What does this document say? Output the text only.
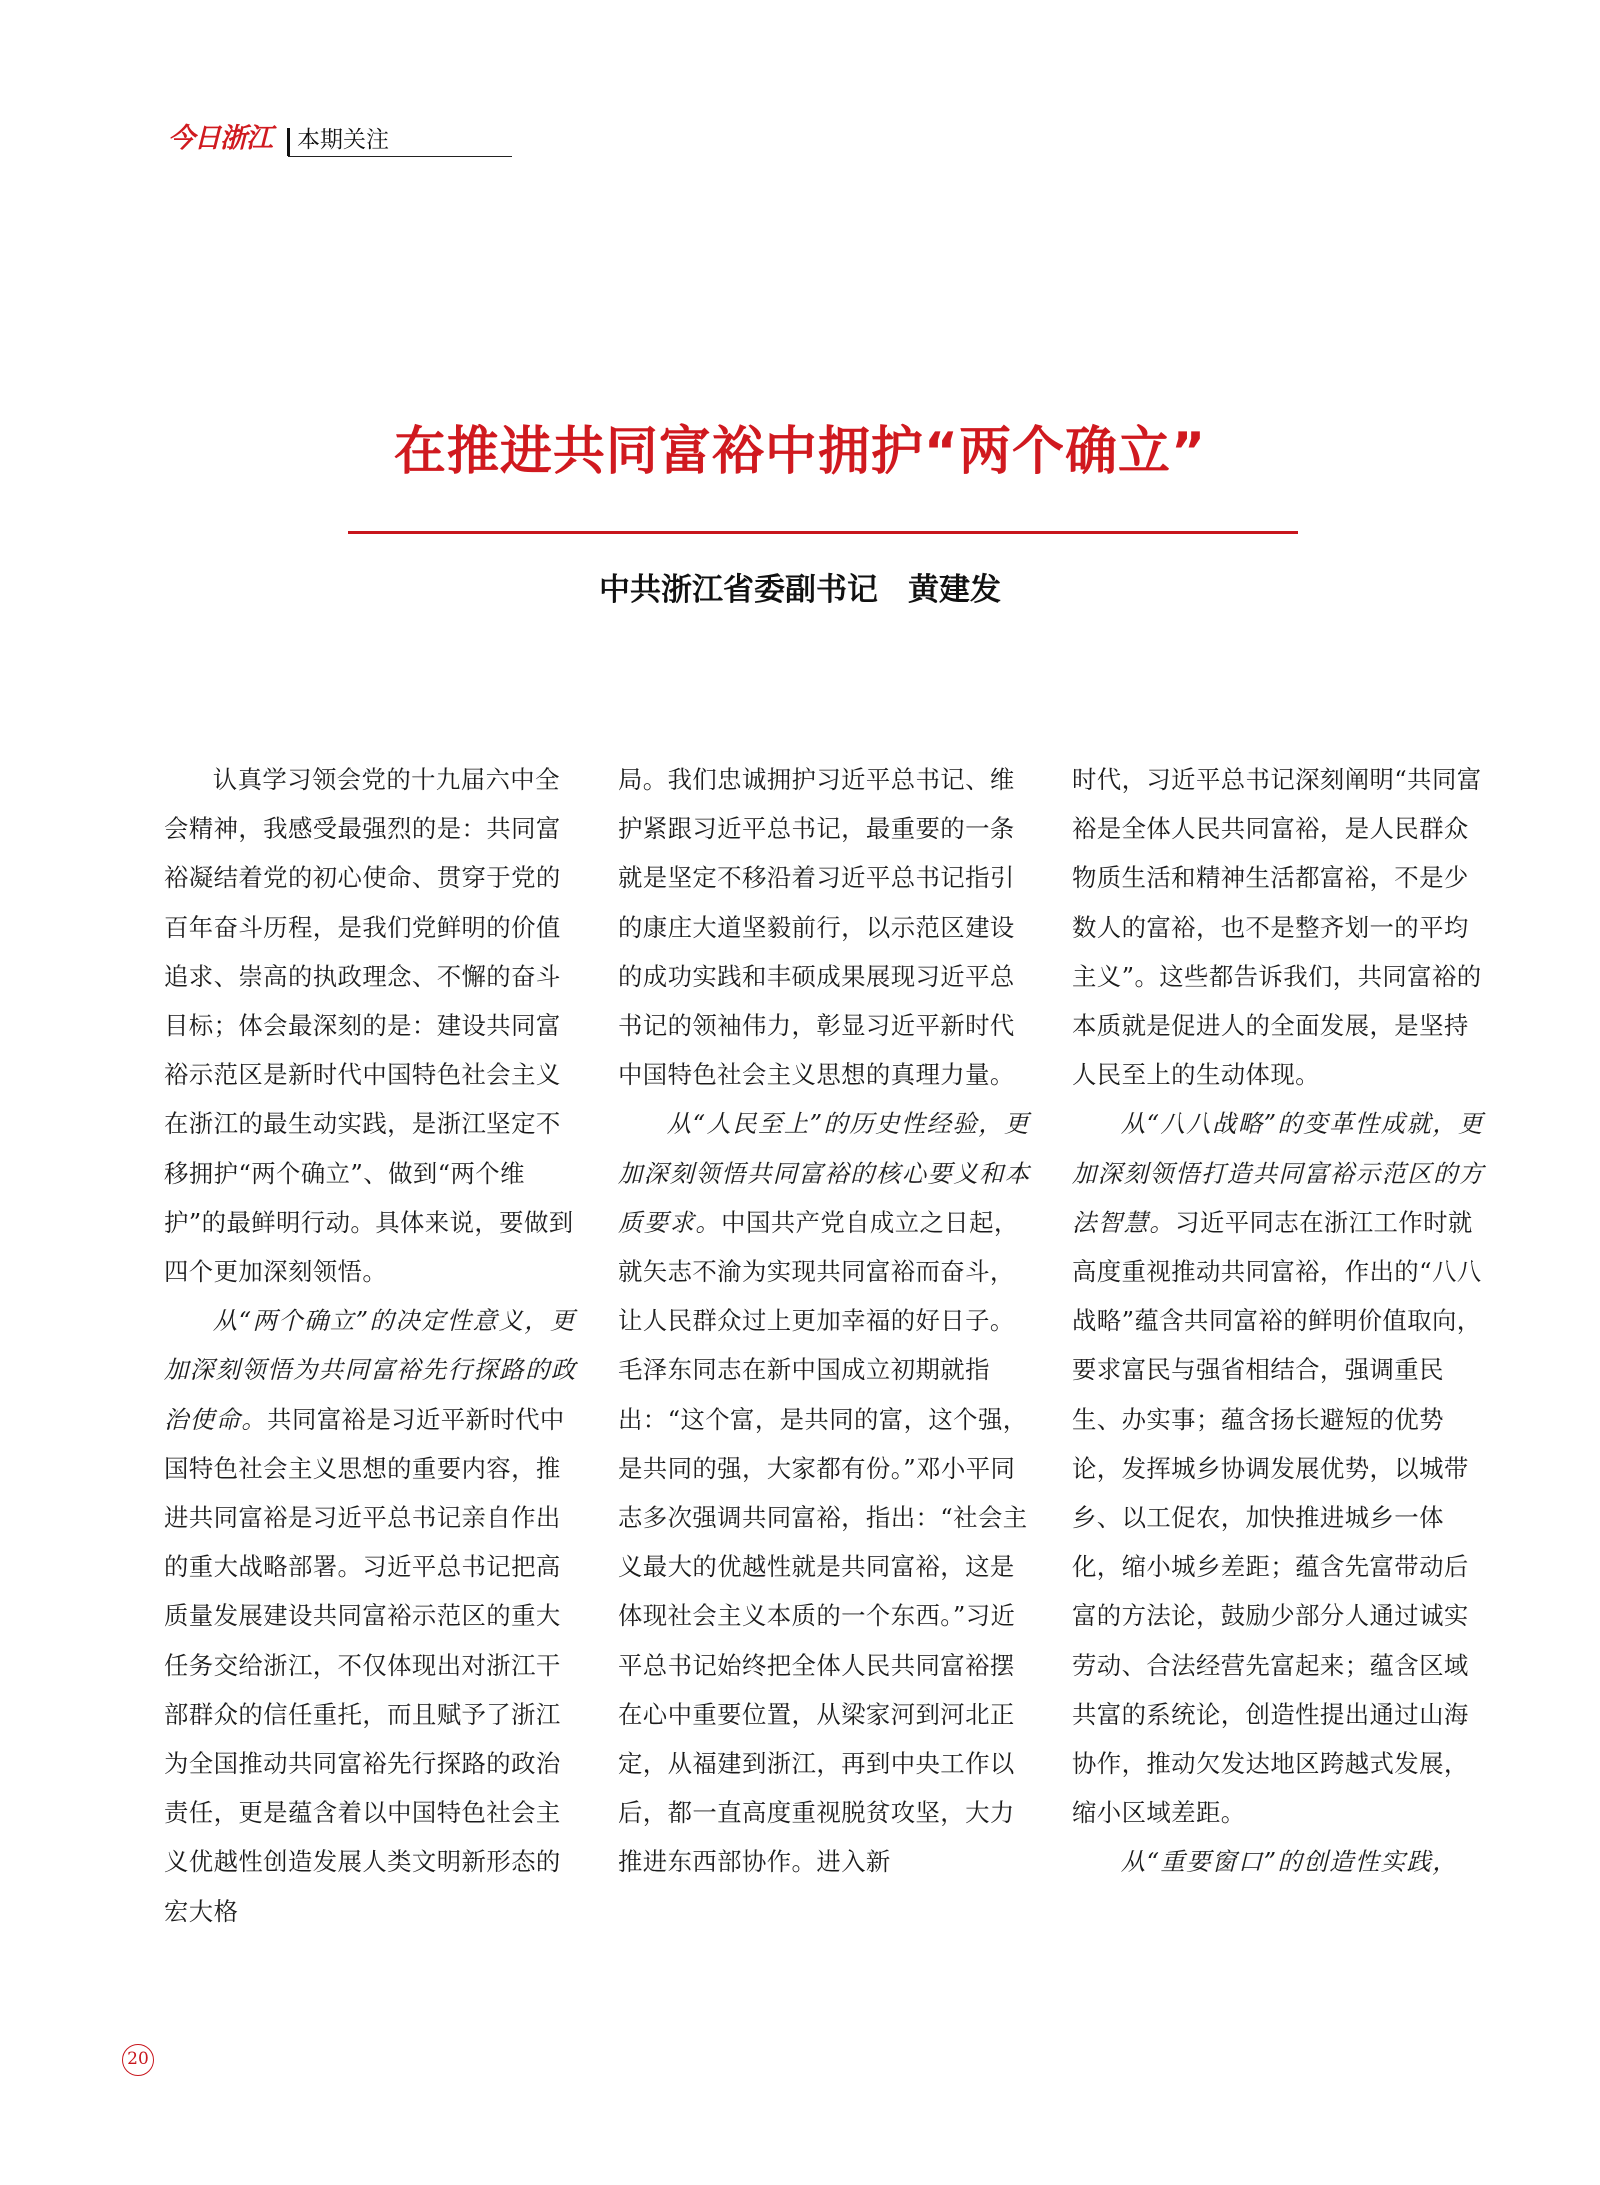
今日浙江 本期关注
在推进共同富裕中拥护“两个确立”
中共浙江省委副书记 黄建发

认真学习领会党的十九届六中全会精神，我感受最强烈的是：共同富裕凝结着党的初心使命、贯穿于党的百年奋斗历程，是我们党鲜明的价值追求、崇高的执政理念、不懈的奋斗目标；体会最深刻的是：建设共同富裕示范区是新时代中国特色社会主义在浙江的最生动实践，是浙江坚定不移拥护“两个确立”、做到“两个维护”的最鲜明行动。具体来说，要做到四个更加深刻领悟。

从“两个确立”的决定性意义，更加深刻领悟为共同富裕先行探路的政治使命。共同富裕是习近平新时代中国特色社会主义思想的重要内容，推进共同富裕是习近平总书记亲自作出的重大战略部署。习近平总书记把高质量发展建设共同富裕示范区的重大任务交给浙江，不仅体现出对浙江干部群众的信任重托，而且赋予了浙江为全国推动共同富裕先行探路的政治责任，更是蕴含着以中国特色社会主义优越性创造发展人类文明新形态的宏大格

局。我们忠诚拥护习近平总书记、维护紧跟习近平总书记，最重要的一条就是坚定不移沿着习近平总书记指引的康庄大道坚毅前行，以示范区建设的成功实践和丰硕成果展现习近平总书记的领袖伟力，彰显习近平新时代中国特色社会主义思想的真理力量。

从“人民至上”的历史性经验，更加深刻领悟共同富裕的核心要义和本质要求。中国共产党自成立之日起，就矢志不渝为实现共同富裕而奋斗，让人民群众过上更加幸福的好日子。毛泽东同志在新中国成立初期就指出：“这个富，是共同的富，这个强，是共同的强，大家都有份。”邓小平同志多次强调共同富裕，指出：“社会主义最大的优越性就是共同富裕，这是体现社会主义本质的一个东西。”习近平总书记始终把全体人民共同富裕摆在心中重要位置，从梁家河到河北正定，从福建到浙江，再到中央工作以后，都一直高度重视脱贫攻坚，大力推进东西部协作。进入新

时代，习近平总书记深刻阐明“共同富裕是全体人民共同富裕，是人民群众物质生活和精神生活都富裕，不是少数人的富裕，也不是整齐划一的平均主义”。这些都告诉我们，共同富裕的本质就是促进人的全面发展，是坚持人民至上的生动体现。

从“八八战略”的变革性成就，更加深刻领悟打造共同富裕示范区的方法智慧。习近平同志在浙江工作时就高度重视推动共同富裕，作出的“八八战略”蕴含共同富裕的鲜明价值取向，要求富民与强省相结合，强调重民生、办实事；蕴含扬长避短的优势论，发挥城乡协调发展优势，以城带乡、以工促农，加快推进城乡一体化，缩小城乡差距；蕴含先富带动后富的方法论，鼓励少部分人通过诚实劳动、合法经营先富起来；蕴含区域共富的系统论，创造性提出通过山海协作，推动欠发达地区跨越式发展，缩小区域差距。

从“重要窗口”的创造性实践，

20
